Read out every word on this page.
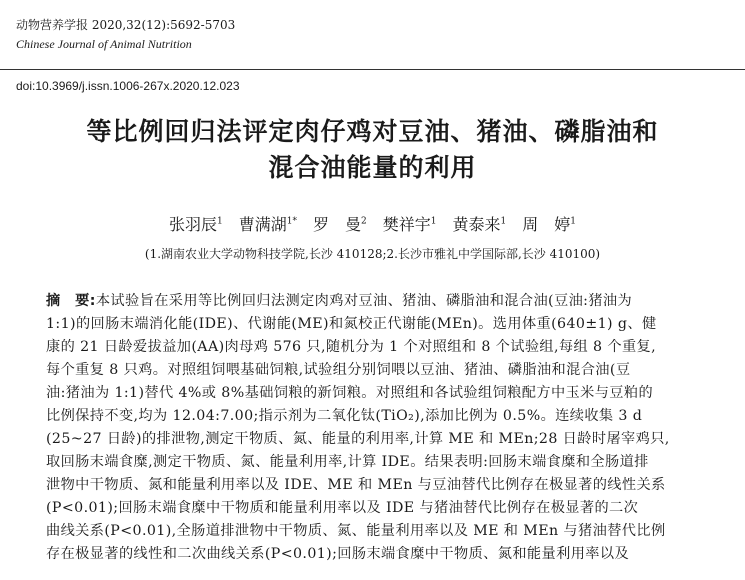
动物营养学报 2020,32(12):5692-5703
Chinese Journal of Animal Nutrition
doi:10.3969/j.issn.1006-267x.2020.12.023
等比例回归法评定肉仔鸡对豆油、猪油、磷脂油和
混合油能量的利用
张羽辰$^1$ 曹满湖$^{1*}$ 罗　曼$^2$ 樊祥宇$^1$ 黄泰来$^1$ 周　婷$^1$
(1.湖南农业大学动物科技学院,长沙 410128;2.长沙市雅礼中学国际部,长沙 410100)
摘　要:本试验旨在采用等比例回归法测定肉鸡对豆油、猪油、磷脂油和混合油(豆油:猪油为
1:1)的回肠末端消化能(IDE)、代谢能(ME)和氮校正代谢能(MEn)。选用体重(640±1) g、健
康的 21 日龄爱拔益加(AA)肉母鸡 576 只,随机分为 1 个对照组和 8 个试验组,每组 8 个重复,
每个重复 8 只鸡。对照组饲喂基础饲粮,试验组分别饲喂以豆油、猪油、磷脂油和混合油(豆
油:猪油为 1:1)替代 4%或 8%基础饲粮的新饲粮。对照组和各试验组饲粮配方中玉米与豆粕的
比例保持不变,均为 12.04:7.00;指示剂为二氧化钛(TiO₂),添加比例为 0.5%。连续收集 3 d
(25~27 日龄)的排泄物,测定干物质、氮、能量的利用率,计算 ME 和 MEn;28 日龄时屠宰鸡只,
取回肠末端食糜,测定干物质、氮、能量利用率,计算 IDE。结果表明:回肠末端食糜和全肠道排
泄物中干物质、氮和能量利用率以及 IDE、ME 和 MEn 与豆油替代比例存在极显著的线性关系
(P<0.01);回肠末端食糜中干物质和能量利用率以及 IDE 与猪油替代比例存在极显著的二次
曲线关系(P<0.01),全肠道排泄物中干物质、氮、能量利用率以及 ME 和 MEn 与猪油替代比例
存在极显著的线性和二次曲线关系(P<0.01);回肠末端食糜中干物质、氮和能量利用率以及
